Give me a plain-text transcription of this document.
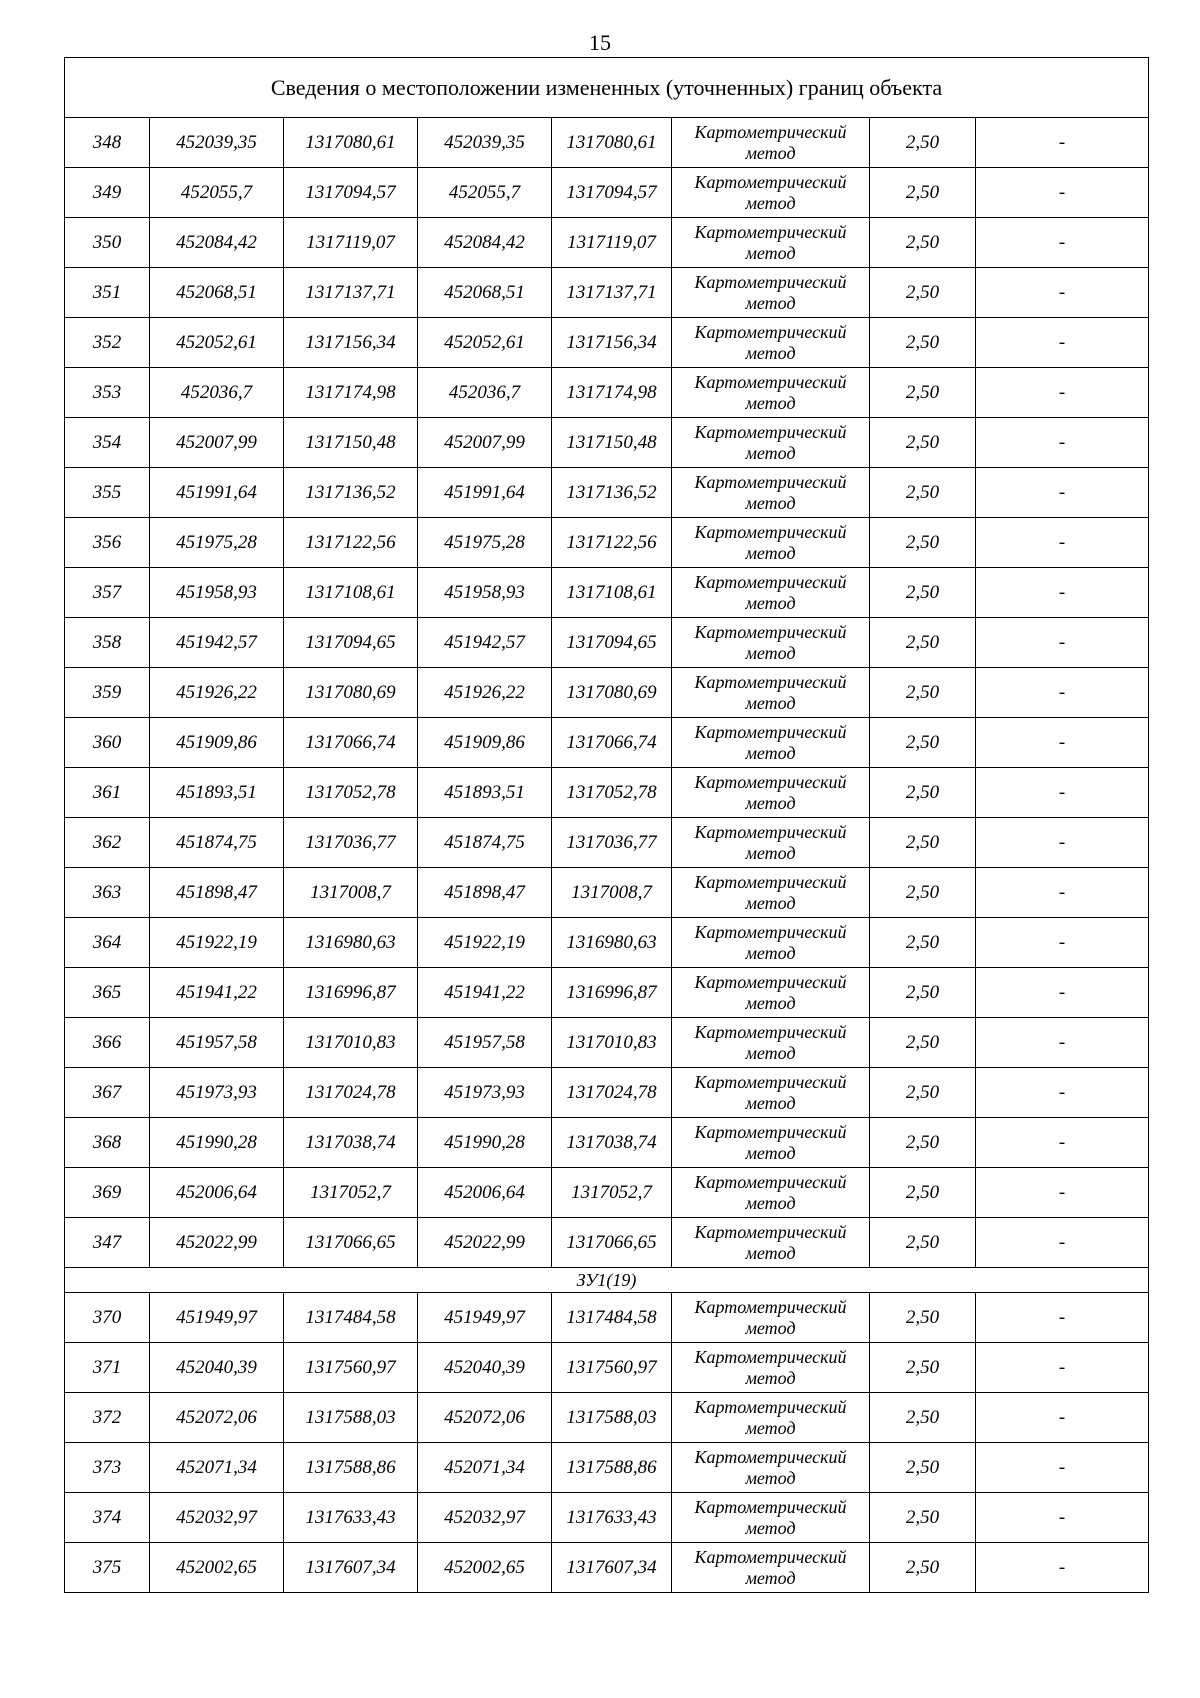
15
Сведения о местоположении измененных (уточненных) границ объекта							
348	452039,35	1317080,61	452039,35	1317080,61	Картометрический метод	2,50	-
349	452055,7	1317094,57	452055,7	1317094,57	Картометрический метод	2,50	-
350	452084,42	1317119,07	452084,42	1317119,07	Картометрический метод	2,50	-
351	452068,51	1317137,71	452068,51	1317137,71	Картометрический метод	2,50	-
352	452052,61	1317156,34	452052,61	1317156,34	Картометрический метод	2,50	-
353	452036,7	1317174,98	452036,7	1317174,98	Картометрический метод	2,50	-
354	452007,99	1317150,48	452007,99	1317150,48	Картометрический метод	2,50	-
355	451991,64	1317136,52	451991,64	1317136,52	Картометрический метод	2,50	-
356	451975,28	1317122,56	451975,28	1317122,56	Картометрический метод	2,50	-
357	451958,93	1317108,61	451958,93	1317108,61	Картометрический метод	2,50	-
358	451942,57	1317094,65	451942,57	1317094,65	Картометрический метод	2,50	-
359	451926,22	1317080,69	451926,22	1317080,69	Картометрический метод	2,50	-
360	451909,86	1317066,74	451909,86	1317066,74	Картометрический метод	2,50	-
361	451893,51	1317052,78	451893,51	1317052,78	Картометрический метод	2,50	-
362	451874,75	1317036,77	451874,75	1317036,77	Картометрический метод	2,50	-
363	451898,47	1317008,7	451898,47	1317008,7	Картометрический метод	2,50	-
364	451922,19	1316980,63	451922,19	1316980,63	Картометрический метод	2,50	-
365	451941,22	1316996,87	451941,22	1316996,87	Картометрический метод	2,50	-
366	451957,58	1317010,83	451957,58	1317010,83	Картометрический метод	2,50	-
367	451973,93	1317024,78	451973,93	1317024,78	Картометрический метод	2,50	-
368	451990,28	1317038,74	451990,28	1317038,74	Картометрический метод	2,50	-
369	452006,64	1317052,7	452006,64	1317052,7	Картометрический метод	2,50	-
347	452022,99	1317066,65	452022,99	1317066,65	Картометрический метод	2,50	-
ЗУ1(19)							
370	451949,97	1317484,58	451949,97	1317484,58	Картометрический метод	2,50	-
371	452040,39	1317560,97	452040,39	1317560,97	Картометрический метод	2,50	-
372	452072,06	1317588,03	452072,06	1317588,03	Картометрический метод	2,50	-
373	452071,34	1317588,86	452071,34	1317588,86	Картометрический метод	2,50	-
374	452032,97	1317633,43	452032,97	1317633,43	Картометрический метод	2,50	-
375	452002,65	1317607,34	452002,65	1317607,34	Картометрический метод	2,50	-
